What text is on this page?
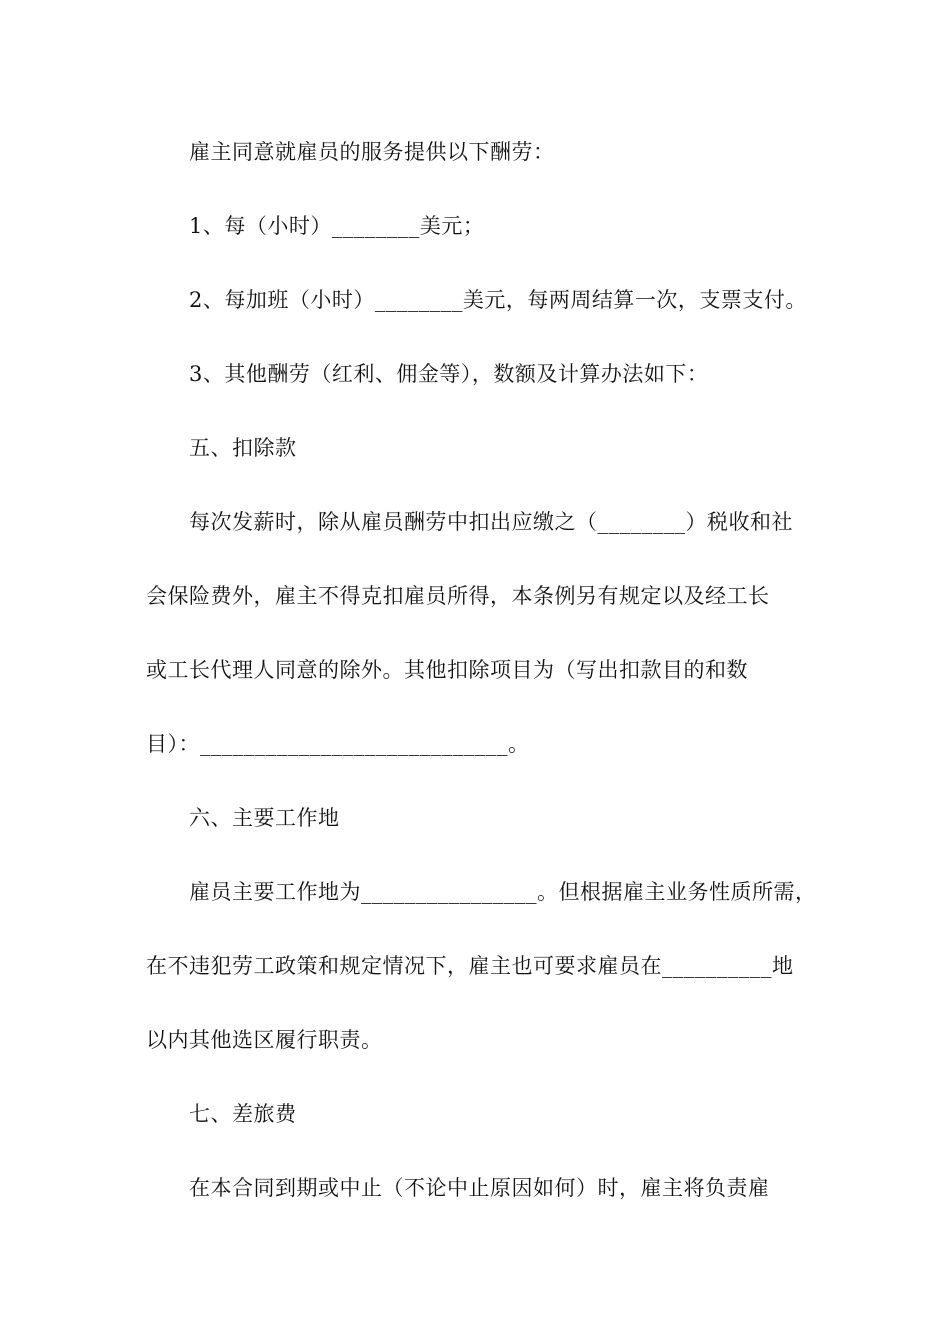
雇主同意就雇员的服务提供以下酬劳：
1、每（小时）________美元；
2、每加班（小时）________美元，每两周结算一次，支票支付。
3、其他酬劳（红利、佣金等），数额及计算办法如下：
五、扣除款
每次发薪时，除从雇员酬劳中扣出应缴之（________）税收和社
会保险费外，雇主不得克扣雇员所得，本条例另有规定以及经工长
或工长代理人同意的除外。其他扣除项目为（写出扣款目的和数
目）：____________________________。
六、主要工作地
雇员主要工作地为________________。但根据雇主业务性质所需，
在不违犯劳工政策和规定情况下，雇主也可要求雇员在__________地
以内其他选区履行职责。
七、差旅费
在本合同到期或中止（不论中止原因如何）时，雇主将负责雇
